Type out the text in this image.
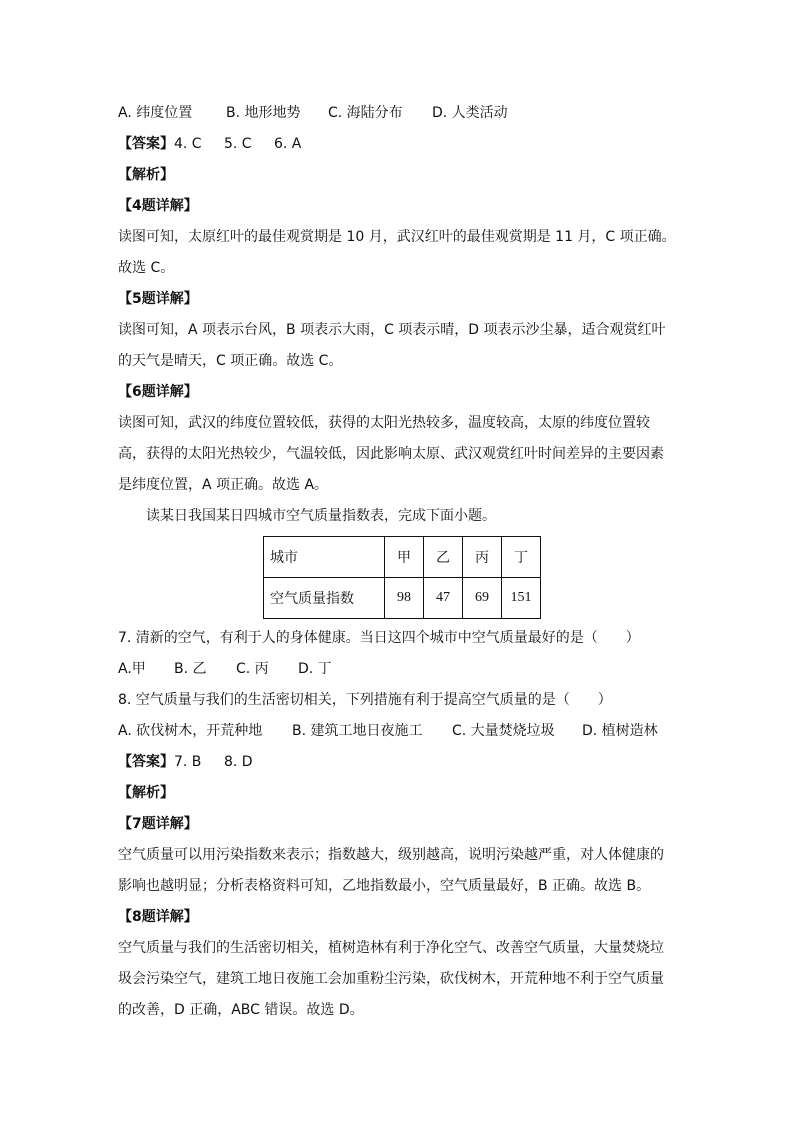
A. 纬度位置 B. 地形地势 C. 海陆分布 D. 人类活动
【答案】4. C 5. C 6. A
【解析】
【4题详解】
读图可知，太原红叶的最佳观赏期是 10 月，武汉红叶的最佳观赏期是 11 月，C 项正确。
故选 C。
【5题详解】
读图可知，A 项表示台风，B 项表示大雨，C 项表示晴，D 项表示沙尘暴，适合观赏红叶
的天气是晴天，C 项正确。故选 C。
【6题详解】
读图可知，武汉的纬度位置较低，获得的太阳光热较多，温度较高，太原的纬度位置较
高，获得的太阳光热较少，气温较低，因此影响太原、武汉观赏红叶时间差异的主要因素
是纬度位置，A 项正确。故选 A。
读某日我国某日四城市空气质量指数表，完成下面小题。
城市	甲	乙	丙	丁
空气质量指数	98	47	69	151
7. 清新的空气，有利于人的身体健康。当日这四个城市中空气质量最好的是（　　）
A.甲 B. 乙 C. 丙 D. 丁
8. 空气质量与我们的生活密切相关，下列措施有利于提高空气质量的是（　　）
A. 砍伐树木，开荒种地 B. 建筑工地日夜施工 C. 大量焚烧垃圾 D. 植树造林
【答案】7. B 8. D
【解析】
【7题详解】
空气质量可以用污染指数来表示；指数越大，级别越高，说明污染越严重，对人体健康的
影响也越明显；分析表格资料可知，乙地指数最小，空气质量最好，B 正确。故选 B。
【8题详解】
空气质量与我们的生活密切相关，植树造林有利于净化空气、改善空气质量，大量焚烧垃
圾会污染空气，建筑工地日夜施工会加重粉尘污染，砍伐树木，开荒种地不利于空气质量
的改善，D 正确，ABC 错误。故选 D。
